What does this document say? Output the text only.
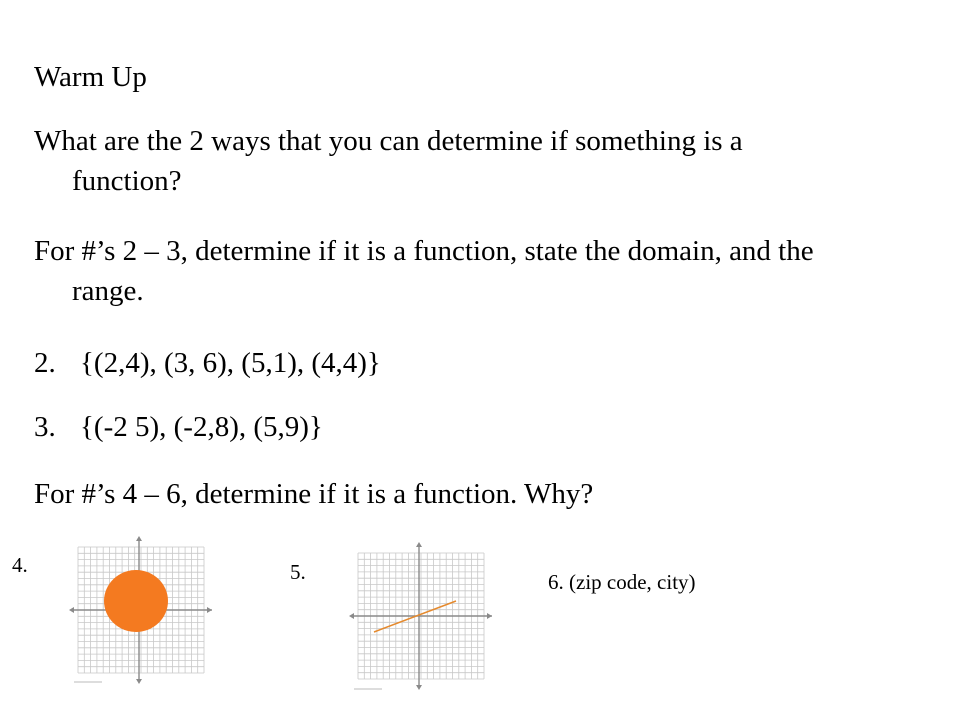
Warm Up

What are the 2 ways that you can determine if something is a function?

For #’s 2 – 3, determine if it is a function, state the domain, and the range.

2. {(2,4), (3, 6), (5,1), (4,4)}
3. {(-2 5), (-2,8), (5,9)}

For #’s 4 – 6, determine if it is a function. Why?

4.	5.	6. (zip code, city)
